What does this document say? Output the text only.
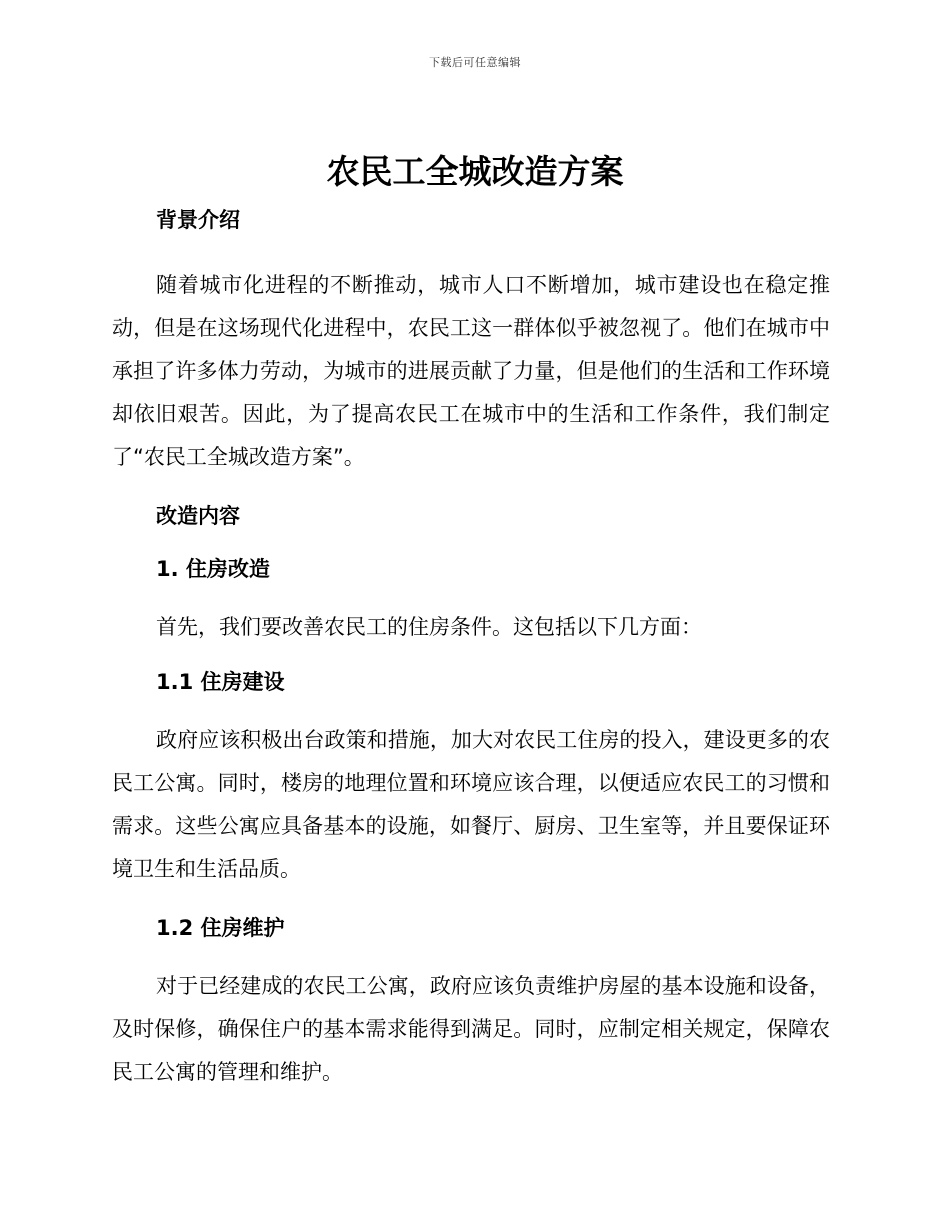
下载后可任意编辑
农民工全城改造方案

背景介绍

随着城市化进程的不断推动，城市人口不断增加，城市建设也在稳定推动，但是在这场现代化进程中，农民工这一群体似乎被忽视了。他们在城市中承担了许多体力劳动，为城市的进展贡献了力量，但是他们的生活和工作环境却依旧艰苦。因此，为了提高农民工在城市中的生活和工作条件，我们制定了“农民工全城改造方案”。

改造内容

1. 住房改造

首先，我们要改善农民工的住房条件。这包括以下几方面：

1.1 住房建设

政府应该积极出台政策和措施，加大对农民工住房的投入，建设更多的农民工公寓。同时，楼房的地理位置和环境应该合理，以便适应农民工的习惯和需求。这些公寓应具备基本的设施，如餐厅、厨房、卫生室等，并且要保证环境卫生和生活品质。

1.2 住房维护

对于已经建成的农民工公寓，政府应该负责维护房屋的基本设施和设备，及时保修，确保住户的基本需求能得到满足。同时，应制定相关规定，保障农民工公寓的管理和维护。
